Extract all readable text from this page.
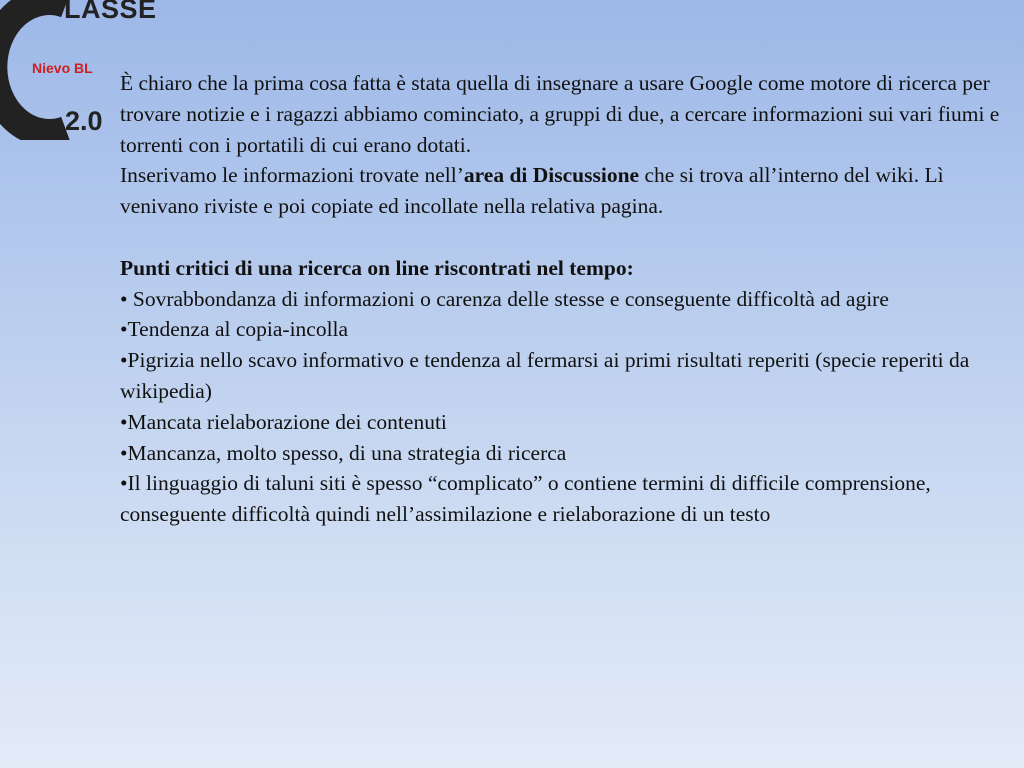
LASSE
Nievo BL
2.0

È chiaro che la prima cosa fatta è stata quella di insegnare a usare Google come motore di ricerca per trovare notizie e i ragazzi abbiamo cominciato, a gruppi di due, a cercare informazioni sui vari fiumi e torrenti con i portatili di cui erano dotati.

Inserivamo le informazioni trovate nell’area di Discussione che si trova all’interno del wiki. Lì venivano riviste e poi copiate ed incollate nella relativa pagina.

Punti critici di una ricerca on line riscontrati nel tempo:

• Sovrabbondanza di informazioni o carenza delle stesse e conseguente difficoltà ad agire

•Tendenza al copia-incolla

•Pigrizia nello scavo informativo e tendenza al fermarsi ai primi risultati reperiti (specie reperiti da wikipedia)

•Mancata rielaborazione dei contenuti

•Mancanza, molto spesso, di una strategia di ricerca

•Il linguaggio di taluni siti è spesso “complicato” o contiene termini di difficile comprensione, conseguente difficoltà quindi nell’assimilazione e rielaborazione di un testo
